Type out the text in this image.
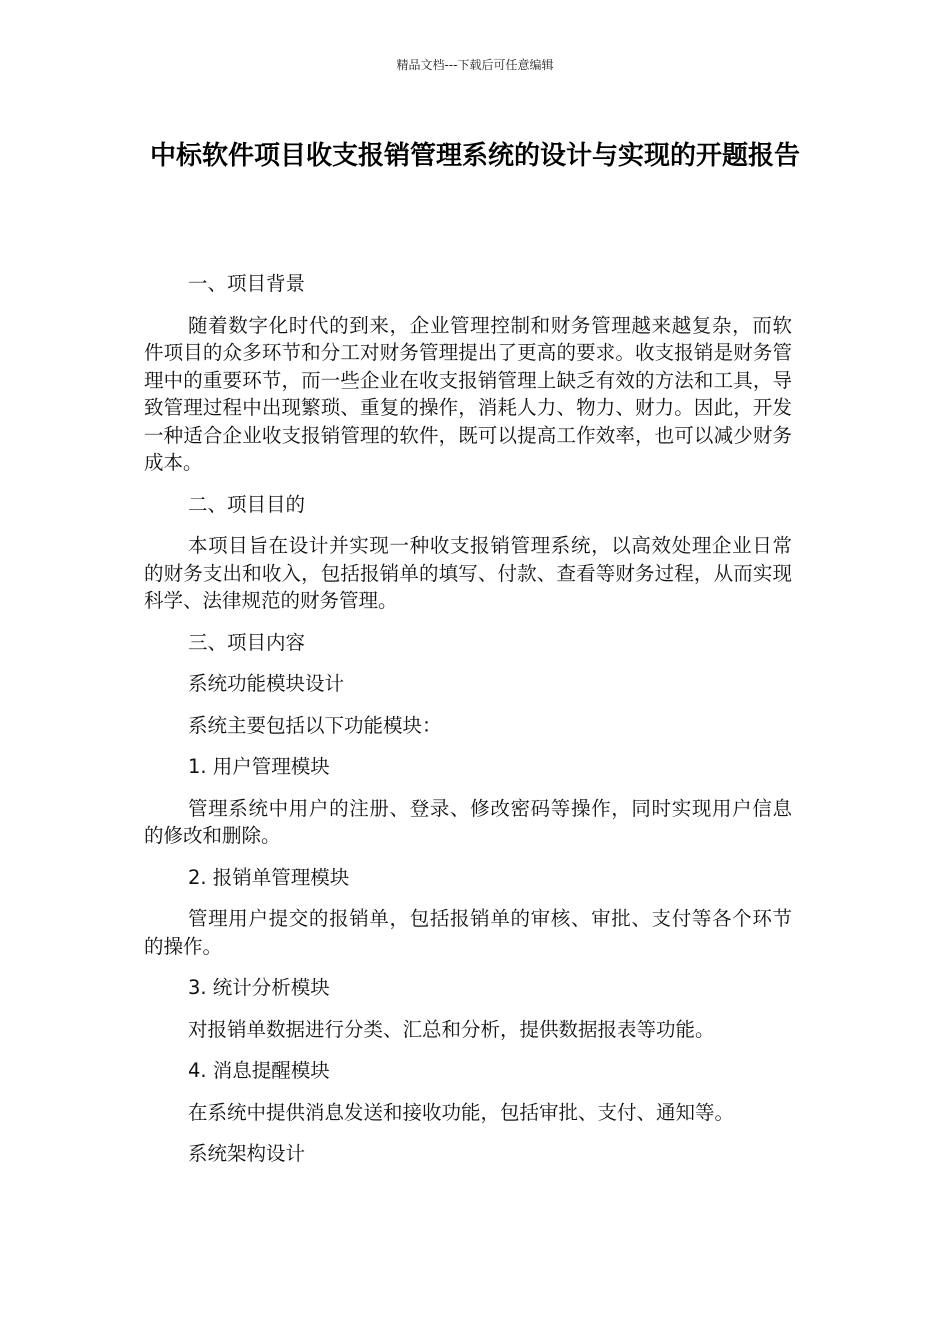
精品文档---下载后可任意编辑
中标软件项目收支报销管理系统的设计与实现的开题报告

一、项目背景

随着数字化时代的到来，企业管理控制和财务管理越来越复杂，而软件项目的众多环节和分工对财务管理提出了更高的要求。收支报销是财务管理中的重要环节，而一些企业在收支报销管理上缺乏有效的方法和工具，导致管理过程中出现繁琐、重复的操作，消耗人力、物力、财力。因此，开发一种适合企业收支报销管理的软件，既可以提高工作效率，也可以减少财务成本。

二、项目目的

本项目旨在设计并实现一种收支报销管理系统，以高效处理企业日常的财务支出和收入，包括报销单的填写、付款、查看等财务过程，从而实现科学、法律规范的财务管理。

三、项目内容

系统功能模块设计

系统主要包括以下功能模块：

1. 用户管理模块

管理系统中用户的注册、登录、修改密码等操作，同时实现用户信息的修改和删除。

2. 报销单管理模块

管理用户提交的报销单，包括报销单的审核、审批、支付等各个环节的操作。

3. 统计分析模块

对报销单数据进行分类、汇总和分析，提供数据报表等功能。

4. 消息提醒模块

在系统中提供消息发送和接收功能，包括审批、支付、通知等。

系统架构设计
